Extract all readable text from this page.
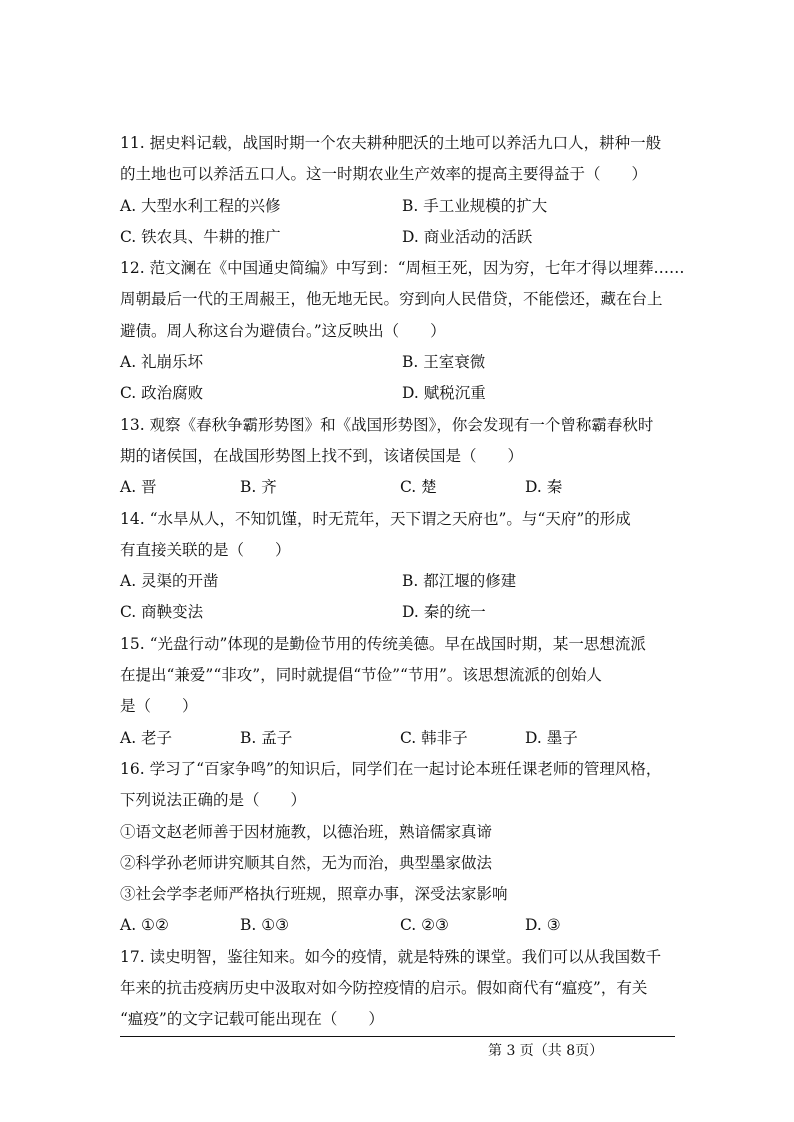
11. 据史料记载，战国时期一个农夫耕种肥沃的土地可以养活九口人，耕种一般
的土地也可以养活五口人。这一时期农业生产效率的提高主要得益于（　　）
A. 大型水利工程的兴修	B. 手工业规模的扩大
C. 铁农具、牛耕的推广	D. 商业活动的活跃
12. 范文澜在《中国通史简编》中写到：“周桓王死，因为穷，七年才得以埋葬……
周朝最后一代的王周赧王，他无地无民。穷到向人民借贷，不能偿还，藏在台上
避债。周人称这台为避债台。”这反映出（　　）
A. 礼崩乐坏	B. 王室衰微
C. 政治腐败	D. 赋税沉重
13. 观察《春秋争霸形势图》和《战国形势图》，你会发现有一个曾称霸春秋时
期的诸侯国，在战国形势图上找不到，该诸侯国是（　　）
A. 晋	B. 齐	C. 楚	D. 秦
14. “水旱从人，不知饥馑，时无荒年，天下谓之天府也”。与“天府”的形成
有直接关联的是（　　）
A. 灵渠的开凿	B. 都江堰的修建
C. 商鞅变法	D. 秦的统一
15. “光盘行动”体现的是勤俭节用的传统美德。早在战国时期，某一思想流派
在提出“兼爱”“非攻”，同时就提倡“节俭”“节用”。该思想流派的创始人
是（　　）
A. 老子	B. 孟子	C. 韩非子	D. 墨子
16. 学习了“百家争鸣”的知识后，同学们在一起讨论本班任课老师的管理风格，
下列说法正确的是（　　）
①语文赵老师善于因材施教，以德治班，熟谙儒家真谛
②科学孙老师讲究顺其自然，无为而治，典型墨家做法
③社会学李老师严格执行班规，照章办事，深受法家影响
A. ①②	B. ①③	C. ②③	D. ③
17. 读史明智，鉴往知来。如今的疫情，就是特殊的课堂。我们可以从我国数千
年来的抗击疫病历史中汲取对如今防控疫情的启示。假如商代有“瘟疫”，有关
“瘟疫”的文字记载可能出现在（　　）
第 3 页（共 8页）
